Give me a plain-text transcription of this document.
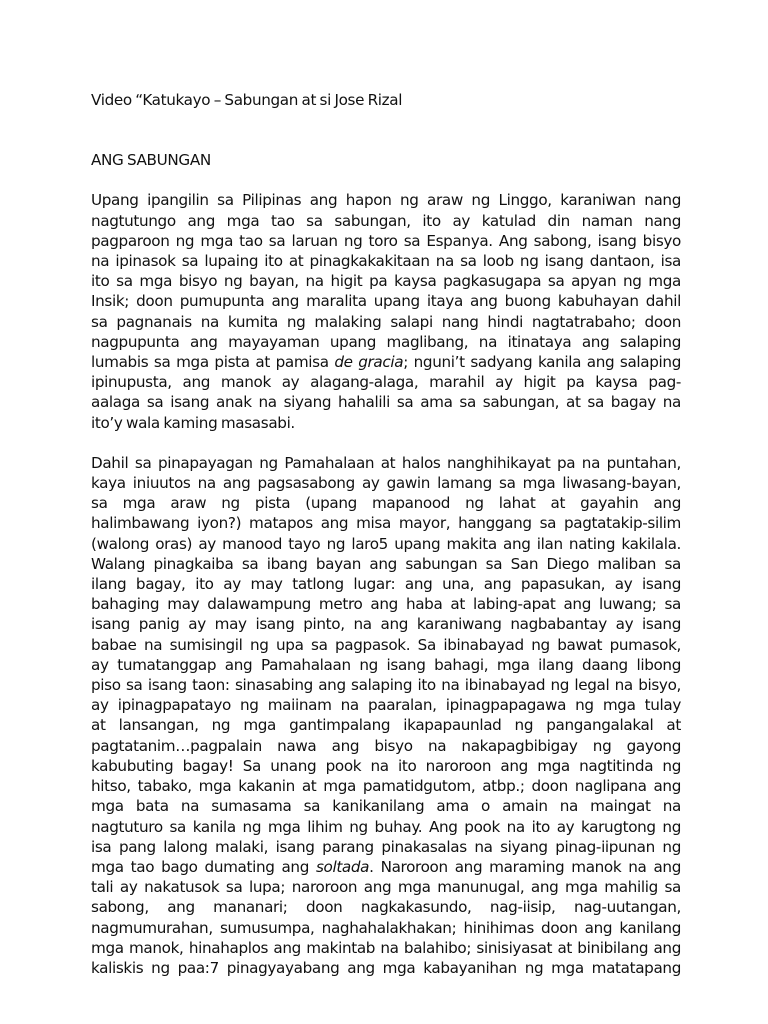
Video “Katukayo – Sabungan at si Jose Rizal
ANG SABUNGAN
Upang ipangilin sa Pilipinas ang hapon ng araw ng Linggo, karaniwan nang
nagtutungo ang mga tao sa sabungan, ito ay katulad din naman nang
pagparoon ng mga tao sa laruan ng toro sa Espanya. Ang sabong, isang bisyo
na ipinasok sa lupaing ito at pinagkakakitaan na sa loob ng isang dantaon, isa
ito sa mga bisyo ng bayan, na higit pa kaysa pagkasugapa sa apyan ng mga
Insik; doon pumupunta ang maralita upang itaya ang buong kabuhayan dahil
sa pagnanais na kumita ng malaking salapi nang hindi nagtatrabaho; doon
nagpupunta ang mayayaman upang maglibang, na itinataya ang salaping
lumabis sa mga pista at pamisa de gracia; nguni’t sadyang kanila ang salaping
ipinupusta, ang manok ay alagang-alaga, marahil ay higit pa kaysa pag-
aalaga sa isang anak na siyang hahalili sa ama sa sabungan, at sa bagay na
ito’y wala kaming masasabi.
Dahil sa pinapayagan ng Pamahalaan at halos nanghihikayat pa na puntahan,
kaya iniuutos na ang pagsasabong ay gawin lamang sa mga liwasang-bayan,
sa mga araw ng pista (upang mapanood ng lahat at gayahin ang
halimbawang iyon?) matapos ang misa mayor, hanggang sa pagtatakip-silim
(walong oras) ay manood tayo ng laro5 upang makita ang ilan nating kakilala.
Walang pinagkaiba sa ibang bayan ang sabungan sa San Diego maliban sa
ilang bagay, ito ay may tatlong lugar: ang una, ang papasukan, ay isang
bahaging may dalawampung metro ang haba at labing-apat ang luwang; sa
isang panig ay may isang pinto, na ang karaniwang nagbabantay ay isang
babae na sumisingil ng upa sa pagpasok. Sa ibinabayad ng bawat pumasok,
ay tumatanggap ang Pamahalaan ng isang bahagi, mga ilang daang libong
piso sa isang taon: sinasabing ang salaping ito na ibinabayad ng legal na bisyo,
ay ipinagpapatayo ng maiinam na paaralan, ipinagpapagawa ng mga tulay
at lansangan, ng mga gantimpalang ikapapaunlad ng pangangalakal at
pagtatanim…pagpalain nawa ang bisyo na nakapagbibigay ng gayong
kabubuting bagay! Sa unang pook na ito naroroon ang mga nagtitinda ng
hitso, tabako, mga kakanin at mga pamatidgutom, atbp.; doon naglipana ang
mga bata na sumasama sa kanikanilang ama o amain na maingat na
nagtuturo sa kanila ng mga lihim ng buhay. Ang pook na ito ay karugtong ng
isa pang lalong malaki, isang parang pinakasalas na siyang pinag-iipunan ng
mga tao bago dumating ang soltada. Naroroon ang maraming manok na ang
tali ay nakatusok sa lupa; naroroon ang mga manunugal, ang mga mahilig sa
sabong, ang mananari; doon nagkakasundo, nag-iisip, nag-uutangan,
nagmumurahan, sumusumpa, naghahalakhakan; hinihimas doon ang kanilang
mga manok, hinahaplos ang makintab na balahibo; sinisiyasat at binibilang ang
kaliskis ng paa:7 pinagyayabang ang mga kabayanihan ng mga matatapang
